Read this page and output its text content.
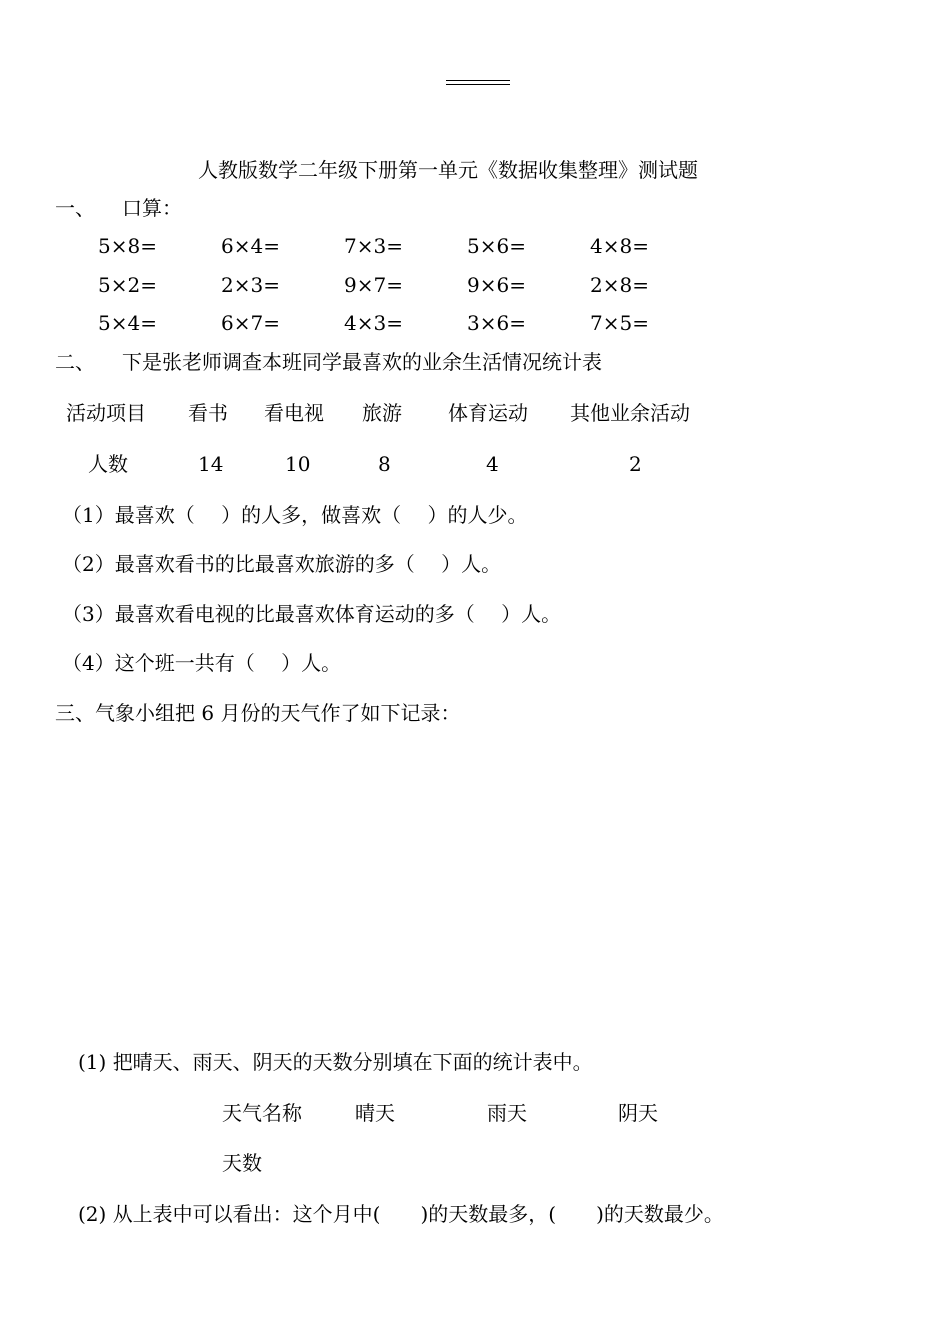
人教版数学二年级下册第一单元《数据收集整理》测试题
一、 口算：
5×8=	6×4=	7×3=	5×6=	4×8=
5×2=	2×3=	9×7=	9×6=	2×8=
5×4=	6×7=	4×3=	3×6=	7×5=
二、 下是张老师调查本班同学最喜欢的业余生活情况统计表
活动项目 看书 看电视 旅游 体育运动 其他业余活动
人数	14	10	8	4	2
（1）最喜欢（　 ）的人多，做喜欢（　 ）的人少。
（2）最喜欢看书的比最喜欢旅游的多（　 ）人。
（3）最喜欢看电视的比最喜欢体育运动的多（　 ）人。
（4）这个班一共有（　 ）人。
三、气象小组把 6 月份的天气作了如下记录：
(1) 把晴天、雨天、阴天的天数分别填在下面的统计表中。
天气名称	晴天	雨天	阴天
天数
(2) 从上表中可以看出：这个月中(　　)的天数最多，(　　)的天数最少。
